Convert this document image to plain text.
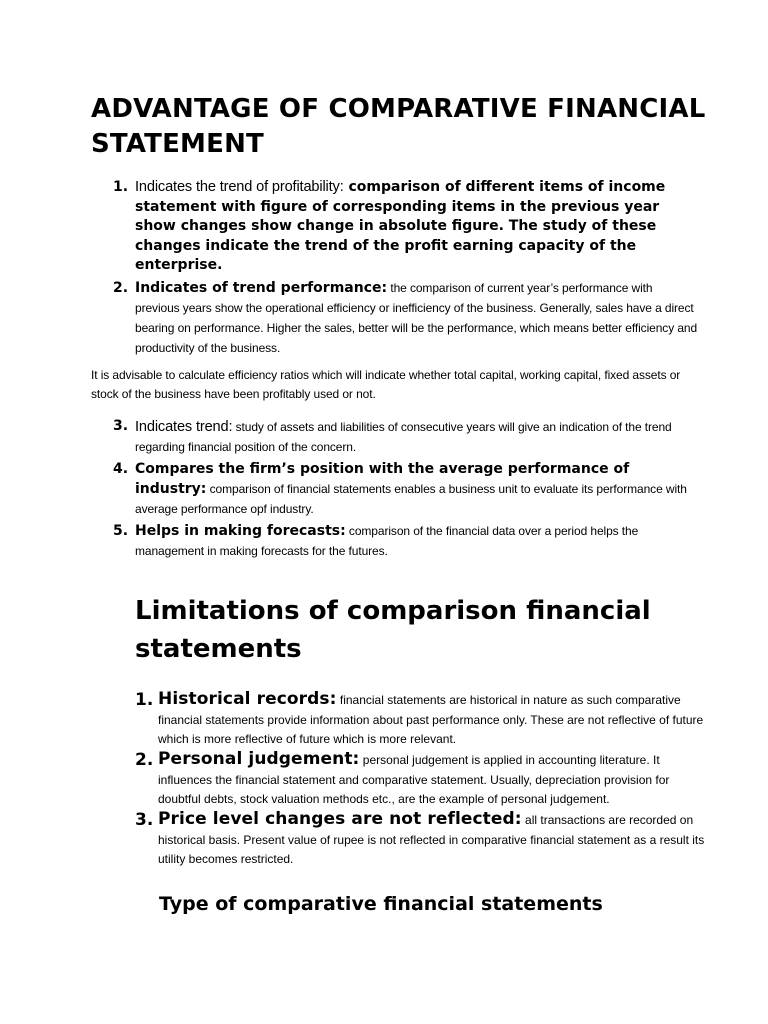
ADVANTAGE OF COMPARATIVE FINANCIAL STATEMENT
1. Indicates the trend of profitability: comparison of different items of income statement with figure of corresponding items in the previous year show changes show change in absolute figure. The study of these changes indicate the trend of the profit earning capacity of the enterprise.
2. Indicates of trend performance: the comparison of current year’s performance with previous years show the operational efficiency or inefficiency of the business. Generally, sales have a direct bearing on performance. Higher the sales, better will be the performance, which means better efficiency and productivity of the business.

It is advisable to calculate efficiency ratios which will indicate whether total capital, working capital, fixed assets or stock of the business have been profitably used or not.

3. Indicates trend: study of assets and liabilities of consecutive years will give an indication of the trend regarding financial position of the concern.
4. Compares the firm’s position with the average performance of industry: comparison of financial statements enables a business unit to evaluate its performance with average performance opf industry.
5. Helps in making forecasts: comparison of the financial data over a period helps the management in making forecasts for the futures.
Limitations of comparison financial statements
1. Historical records: financial statements are historical in nature as such comparative financial statements provide information about past performance only. These are not reflective of future which is more reflective of future which is more relevant.
2. Personal judgement: personal judgement is applied in accounting literature. It influences the financial statement and comparative statement. Usually, depreciation provision for doubtful debts, stock valuation methods etc., are the example of personal judgement.
3. Price level changes are not reflected: all transactions are recorded on historical basis. Present value of rupee is not reflected in comparative financial statement as a result its utility becomes restricted.
Type of comparative financial statements
